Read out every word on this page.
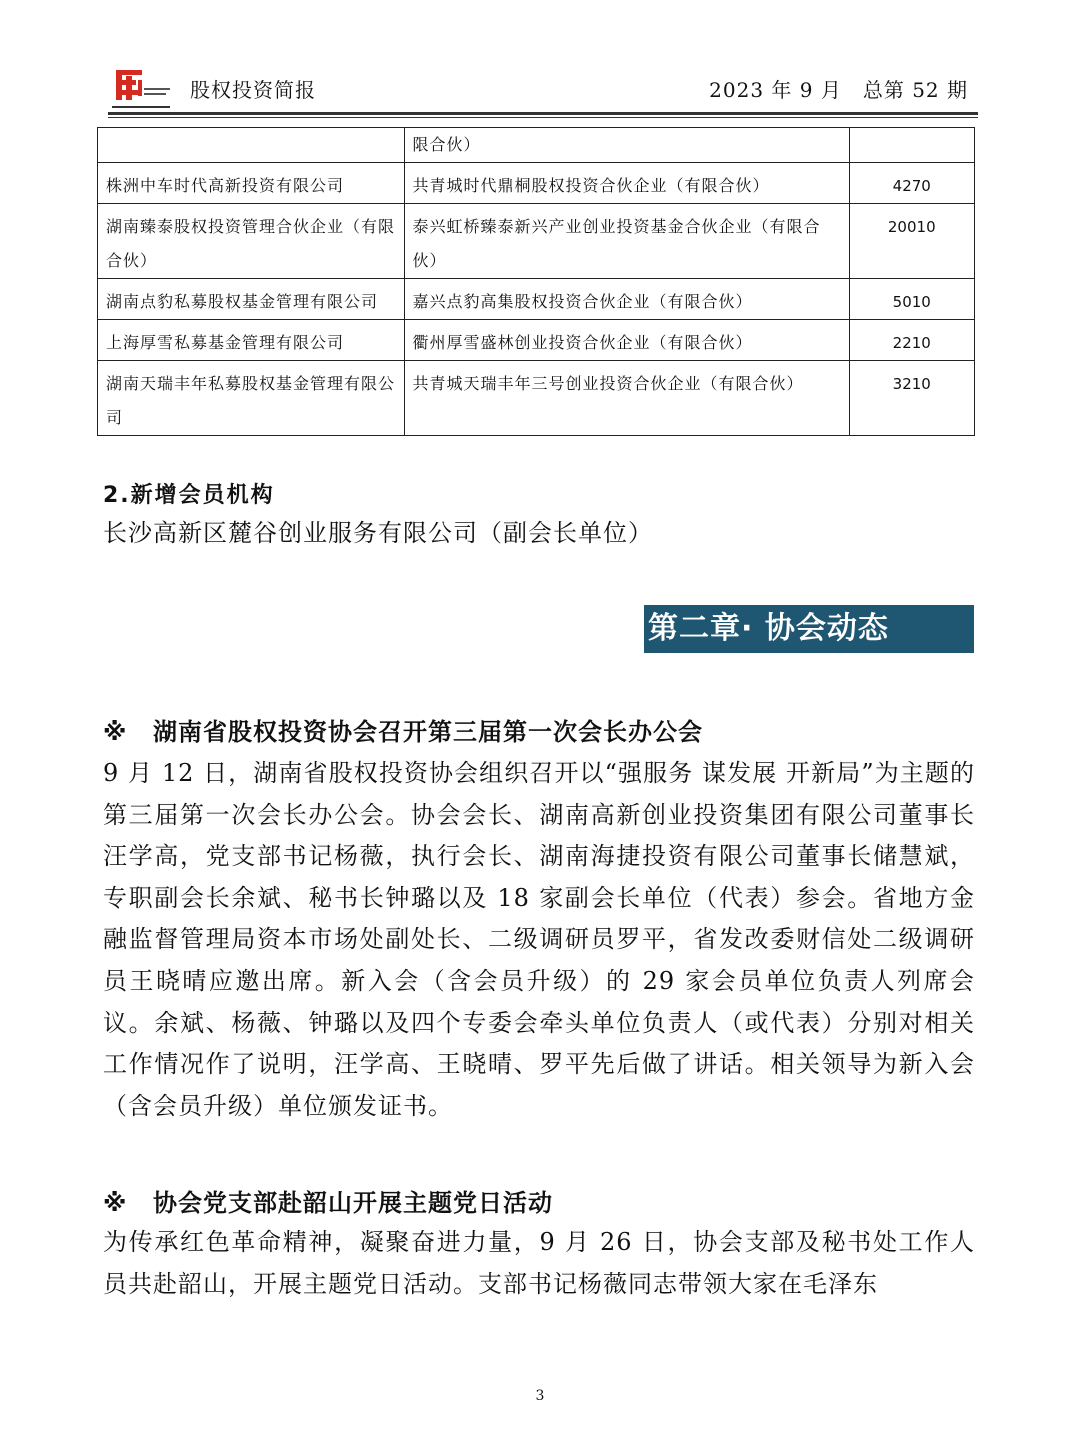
股权投资简报	2023 年 9 月　总第 52 期
	限合伙）	
株洲中车时代高新投资有限公司	共青城时代鼎桐股权投资合伙企业（有限合伙）	4270
湖南臻泰股权投资管理合伙企业（有限合伙）	泰兴虹桥臻泰新兴产业创业投资基金合伙企业（有限合伙）	20010
湖南点豹私募股权基金管理有限公司	嘉兴点豹高集股权投资合伙企业（有限合伙）	5010
上海厚雪私募基金管理有限公司	衢州厚雪盛林创业投资合伙企业（有限合伙）	2210
湖南天瑞丰年私募股权基金管理有限公司	共青城天瑞丰年三号创业投资合伙企业（有限合伙）	3210
2.新增会员机构
长沙高新区麓谷创业服务有限公司（副会长单位）
第二章· 协会动态
※ 湖南省股权投资协会召开第三届第一次会长办公会
9 月 12 日，湖南省股权投资协会组织召开以“强服务 谋发展 开新局”为主题的第三届第一次会长办公会。协会会长、湖南高新创业投资集团有限公司董事长汪学高，党支部书记杨薇，执行会长、湖南海捷投资有限公司董事长储慧斌，专职副会长余斌、秘书长钟璐以及 18 家副会长单位（代表）参会。省地方金融监督管理局资本市场处副处长、二级调研员罗平，省发改委财信处二级调研员王晓晴应邀出席。新入会（含会员升级）的 29 家会员单位负责人列席会议。余斌、杨薇、钟璐以及四个专委会牵头单位负责人（或代表）分别对相关工作情况作了说明，汪学高、王晓晴、罗平先后做了讲话。相关领导为新入会（含会员升级）单位颁发证书。
※ 协会党支部赴韶山开展主题党日活动
为传承红色革命精神，凝聚奋进力量，9 月 26 日，协会支部及秘书处工作人员共赴韶山，开展主题党日活动。支部书记杨薇同志带领大家在毛泽东
3
